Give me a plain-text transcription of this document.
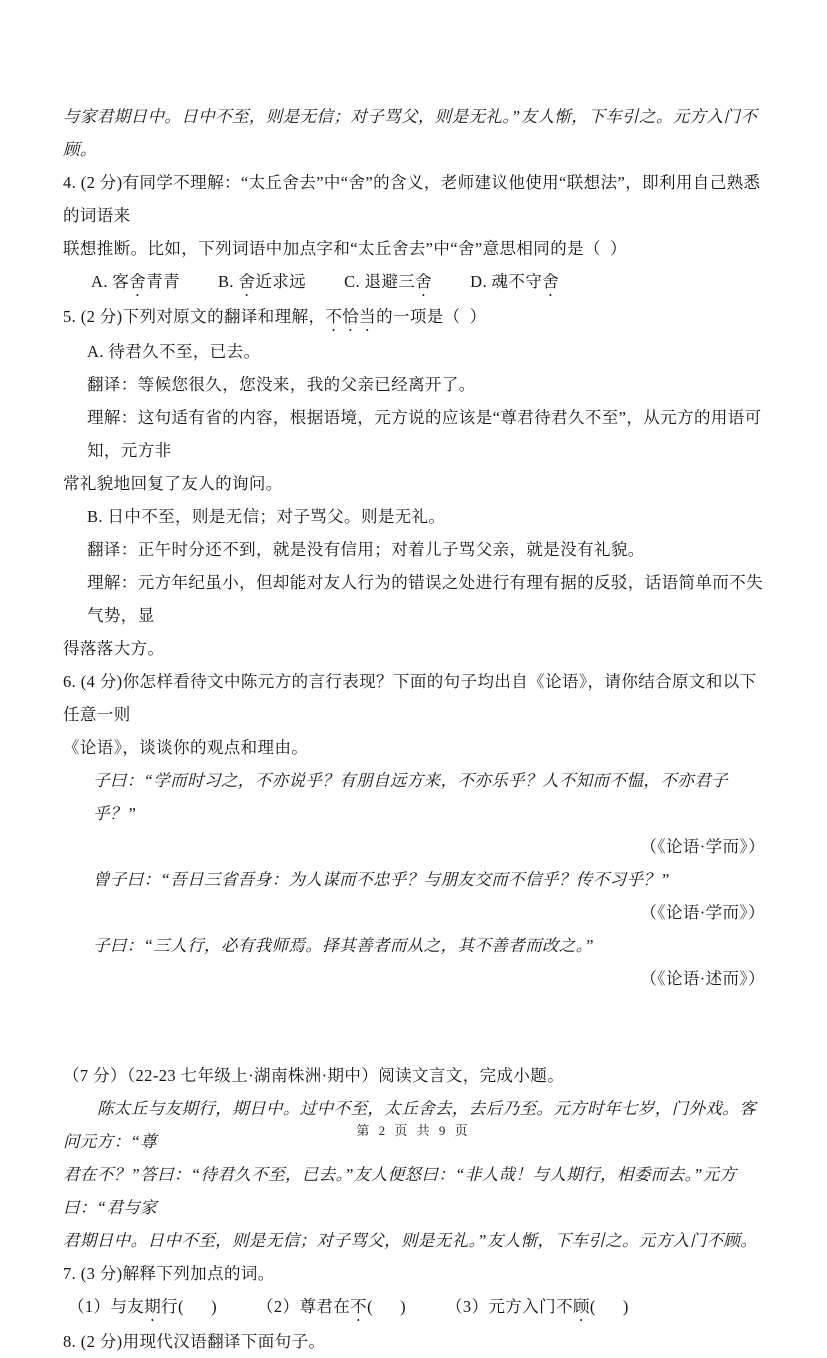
与家君期日中。日中不至，则是无信；对子骂父，则是无礼。”友人惭，下车引之。元方入门不顾。

4. (2 分)有同学不理解：“太丘舍去”中“舍”的含义，老师建议他使用“联想法”，即利用自己熟悉的词语来

联想推断。比如，下列词语中加点字和“太丘舍去”中“舍”意思相同的是（  ）

A. 客舍青青 B. 舍近求远 C. 退避三舍 D. 魂不守舍

5. (2 分)下列对原文的翻译和理解，不恰当的一项是（  ）

A. 待君久不至，已去。

翻译：等候您很久，您没来，我的父亲已经离开了。

理解：这句适有省的内容，根据语境，元方说的应该是“尊君待君久不至”，从元方的用语可知，元方非

常礼貌地回复了友人的询问。

B. 日中不至，则是无信；对子骂父。则是无礼。

翻译：正午时分还不到，就是没有信用；对着儿子骂父亲，就是没有礼貌。

理解：元方年纪虽小，但却能对友人行为的错误之处进行有理有据的反驳，话语简单而不失气势，显

得落落大方。

6. (4 分)你怎样看待文中陈元方的言行表现？下面的句子均出自《论语》，请你结合原文和以下任意一则

《论语》，谈谈你的观点和理由。

子曰：“学而时习之，不亦说乎？有朋自远方来，不亦乐乎？人不知而不愠，不亦君子乎？”

（《论语·学而》）

曾子曰：“吾日三省吾身：为人谋而不忠乎？与朋友交而不信乎？传不习乎？”

（《论语·学而》）

子曰：“三人行，必有我师焉。择其善者而从之，其不善者而改之。”

（《论语·述而》）

（7 分）（22-23 七年级上·湖南株洲·期中）阅读文言文，完成小题。

陈太丘与友期行，期日中。过中不至，太丘舍去，去后乃至。元方时年七岁，门外戏。客问元方：“尊

君在不？”答曰：“待君久不至，已去。”友人便怒曰：“非人哉！与人期行，相委而去。”元方曰：“君与家

君期日中。日中不至，则是无信；对子骂父，则是无礼。”友人惭，下车引之。元方入门不顾。

7. (3 分)解释下列加点的词。

（1）与友期行(      ) （2）尊君在不(      ) （3）元方入门不顾(      )

8. (2 分)用现代汉语翻译下面句子。

第 2 页 共 9 页
